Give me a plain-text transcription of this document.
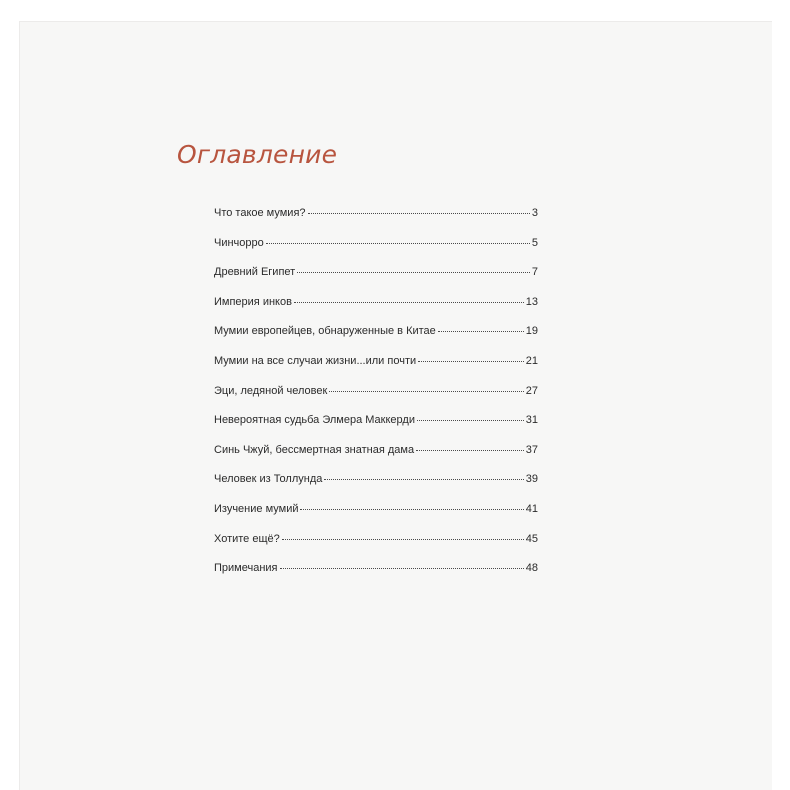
Оглавление
Что такое мумия?	3
Чинчорро	5
Древний Египет	7
Империя инков	13
Мумии европейцев, обнаруженные в Китае	19
Мумии на все случаи жизни...или почти	21
Эци, ледяной человек	27
Невероятная судьба Элмера Маккерди	31
Синь Чжуй, бессмертная знатная дама	37
Человек из Толлунда	39
Изучение мумий	41
Хотите ещё?	45
Примечания	48
